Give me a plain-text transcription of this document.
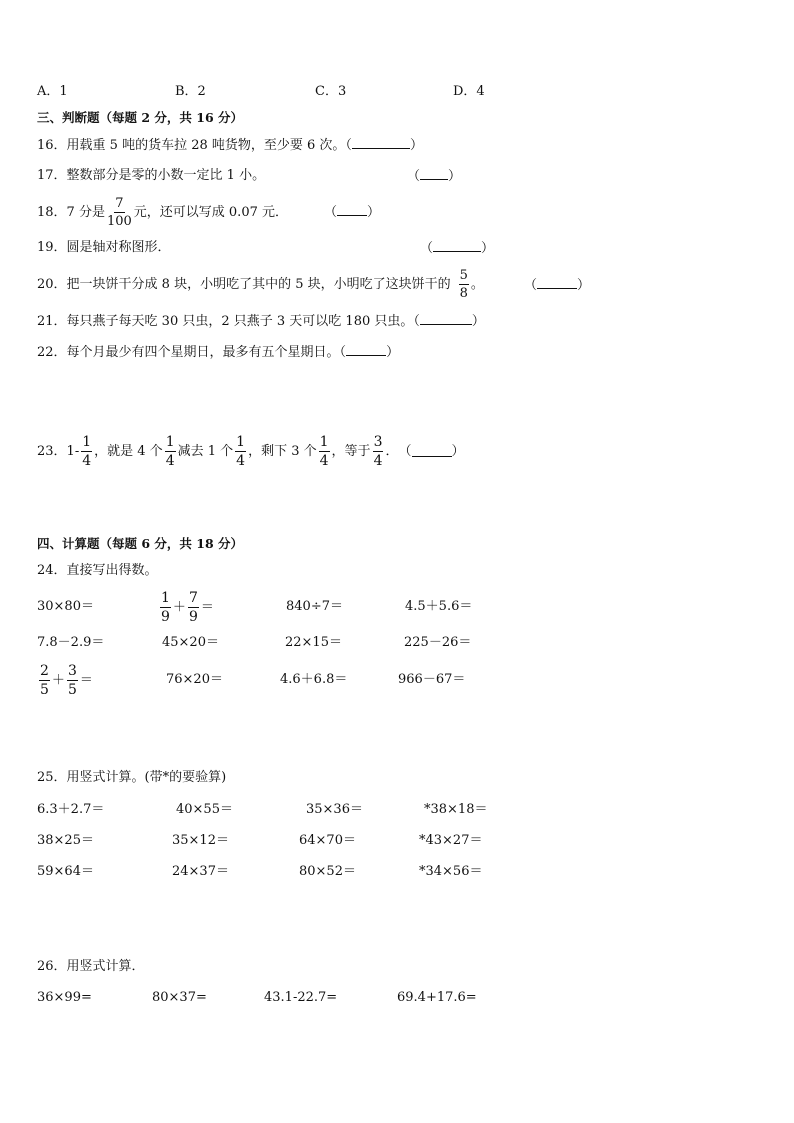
A．1	B．2	C．3	D．4
三、判断题（每题 2 分，共 16 分）
16．用载重 5 吨的货车拉 28 吨货物，至少要 6 次。（	）
17．整数部分是零的小数一定比 1 小。	（ ）
18．7 分是 $\frac{7}{100}$ 元，还可以写成 0.07 元．	（ ）
19．圆是轴对称图形．	（	）
20．把一块饼干分成 8 块，小明吃了其中的 5 块，小明吃了这块饼干的 $\frac{5}{8}$ 。	（	）
21．每只燕子每天吃 30 只虫，2 只燕子 3 天可以吃 180 只虫。（	）
22．每个月最少有四个星期日，最多有五个星期日。（	）
23．$1- \frac{1}{4}$ ，就是 4 个 $\frac{1}{4}$ 减去 1 个 $\frac{1}{4}$ ，剩下 3 个 $\frac{1}{4}$ ，等于 $\frac{3}{4}$ ． （	）
四、计算题（每题 6 分，共 18 分）
24．直接写出得数。
30×80＝	$\frac{1}{9} + \frac{7}{9}$ ＝	840÷7＝	4.5＋5.6＝
7.8－2.9＝	45×20＝	22×15＝	225－26＝
$\frac{2}{5} + \frac{3}{5}$ ＝	76×20＝	4.6＋6.8＝	966－67＝
25．用竖式计算。(带*的要验算)
6.3＋2.7＝	40×55＝	35×36＝	*38×18＝
38×25＝	35×12＝	64×70＝	*43×27＝
59×64＝	24×37＝	80×52＝	*34×56＝
26．用竖式计算．
36×99=	80×37=	43.1-22.7=	69.4+17.6=
